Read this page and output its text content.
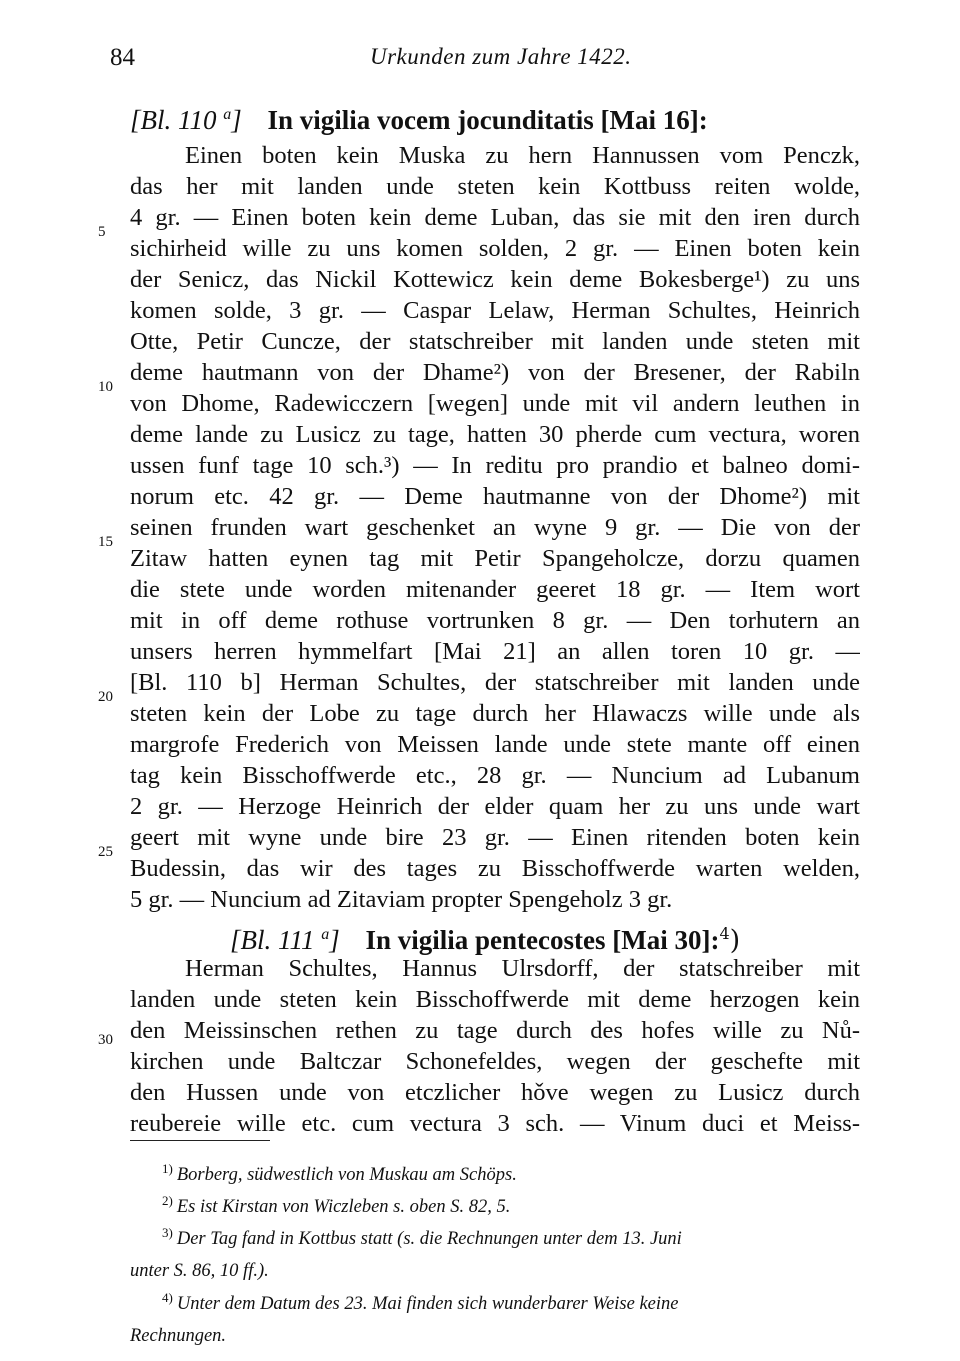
84	Urkunden zum Jahre 1422.
[Bl. 110 $^a$] In vigilia vocem jocunditatis [Mai 16]:
Einen boten kein Muska zu hern Hannussen vom Penczk,
das her mit landen unde steten kein Kottbuss reiten wolde,
4 gr. — Einen boten kein deme Luban, das sie mit den iren durch
sichirheid wille zu uns komen solden, 2 gr. — Einen boten kein
der Senicz, das Nickil Kottewicz kein deme Bokesberge¹) zu uns
komen solde, 3 gr. — Caspar Lelaw, Herman Schultes, Heinrich
Otte, Petir Cuncze, der statschreiber mit landen unde steten mit
deme hautmann von der Dhame²) von der Bresener, der Rabiln
von Dhome, Radewicczern [wegen] unde mit vil andern leuthen in
deme lande zu Lusicz zu tage, hatten 30 pherde cum vectura, woren
ussen funf tage 10 sch.³) — In reditu pro prandio et balneo domi-
norum etc. 42 gr. — Deme hautmanne von der Dhome²) mit
seinen frunden wart geschenket an wyne 9 gr. — Die von der
Zitaw hatten eynen tag mit Petir Spangeholcze, dorzu quamen
die stete unde worden mitenander geeret 18 gr. — Item wort
mit in off deme rothuse vortrunken 8 gr. — Den torhutern an
unsers herren hymmelfart [Mai 21] an allen toren 10 gr. —
[Bl. 110 b] Herman Schultes, der statschreiber mit landen unde
steten kein der Lobe zu tage durch her Hlawaczs wille unde als
margrofe Frederich von Meissen lande unde stete mante off einen
tag kein Bisschoffwerde etc., 28 gr. — Nuncium ad Lubanum
2 gr. — Herzoge Heinrich der elder quam her zu uns unde wart
geert mit wyne unde bire 23 gr. — Einen ritenden boten kein
Budessin, das wir des tages zu Bisschoffwerde warten welden,
5 gr. — Nuncium ad Zitaviam propter Spengeholz 3 gr.
[Bl. 111 $^a$] In vigilia pentecostes [Mai 30]:$^4$)
Herman Schultes, Hannus Ulrsdorff, der statschreiber mit
landen unde steten kein Bisschoffwerde mit deme herzogen kein
den Meissinschen rethen zu tage durch des hofes wille zu Nů-
kirchen unde Baltczar Schonefeldes, wegen der geschefte mit
den Hussen unde von etczlicher hǒve wegen zu Lusicz durch
reubereie wille etc. cum vectura 3 sch. — Vinum duci et Meiss-
5
10
15
20
25
30
$^{1)}$ Borberg, südwestlich von Muskau am Schöps.
$^{2)}$ Es ist Kirstan von Wiczleben s. oben S. 82, 5.
$^{3)}$ Der Tag fand in Kottbus statt (s. die Rechnungen unter dem 13. Juni
unter S. 86, 10 ff.).
$^{4)}$ Unter dem Datum des 23. Mai finden sich wunderbarer Weise keine
Rechnungen.
